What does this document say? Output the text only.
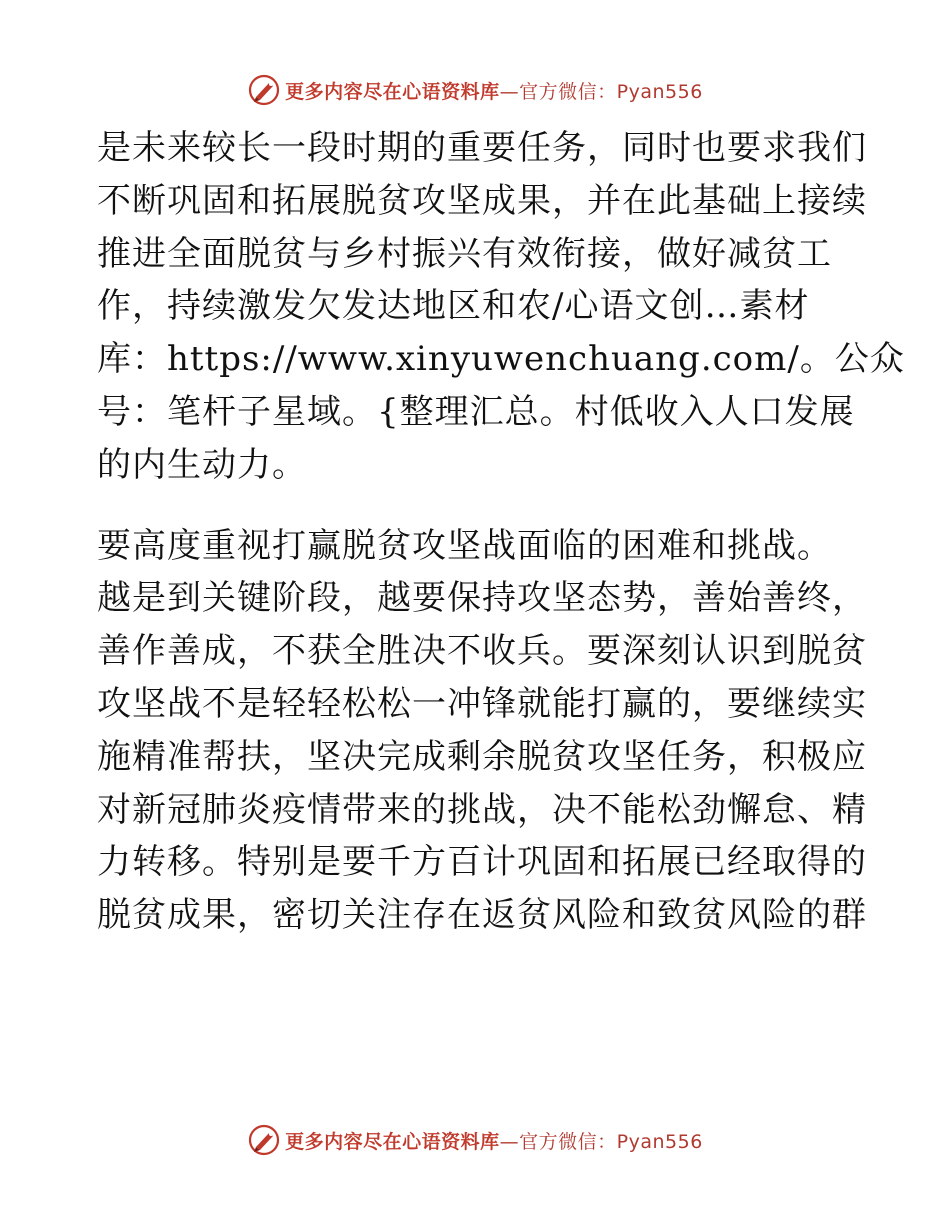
更多内容尽在心语资料库—官方微信：Pyan556
是未来较长一段时期的重要任务，同时也要求我们
不断巩固和拓展脱贫攻坚成果，并在此基础上接续
推进全面脱贫与乡村振兴有效衔接，做好减贫工
作，持续激发欠发达地区和农/心语文创…素材
库：https://www.xinyuwenchuang.com/。公众
号：笔杆子星域。{整理汇总。村低收入人口发展
的内生动力。
要高度重视打赢脱贫攻坚战面临的困难和挑战。
越是到关键阶段，越要保持攻坚态势，善始善终，
善作善成，不获全胜决不收兵。要深刻认识到脱贫
攻坚战不是轻轻松松一冲锋就能打赢的，要继续实
施精准帮扶，坚决完成剩余脱贫攻坚任务，积极应
对新冠肺炎疫情带来的挑战，决不能松劲懈怠、精
力转移。特别是要千方百计巩固和拓展已经取得的
脱贫成果，密切关注存在返贫风险和致贫风险的群
更多内容尽在心语资料库—官方微信：Pyan556
